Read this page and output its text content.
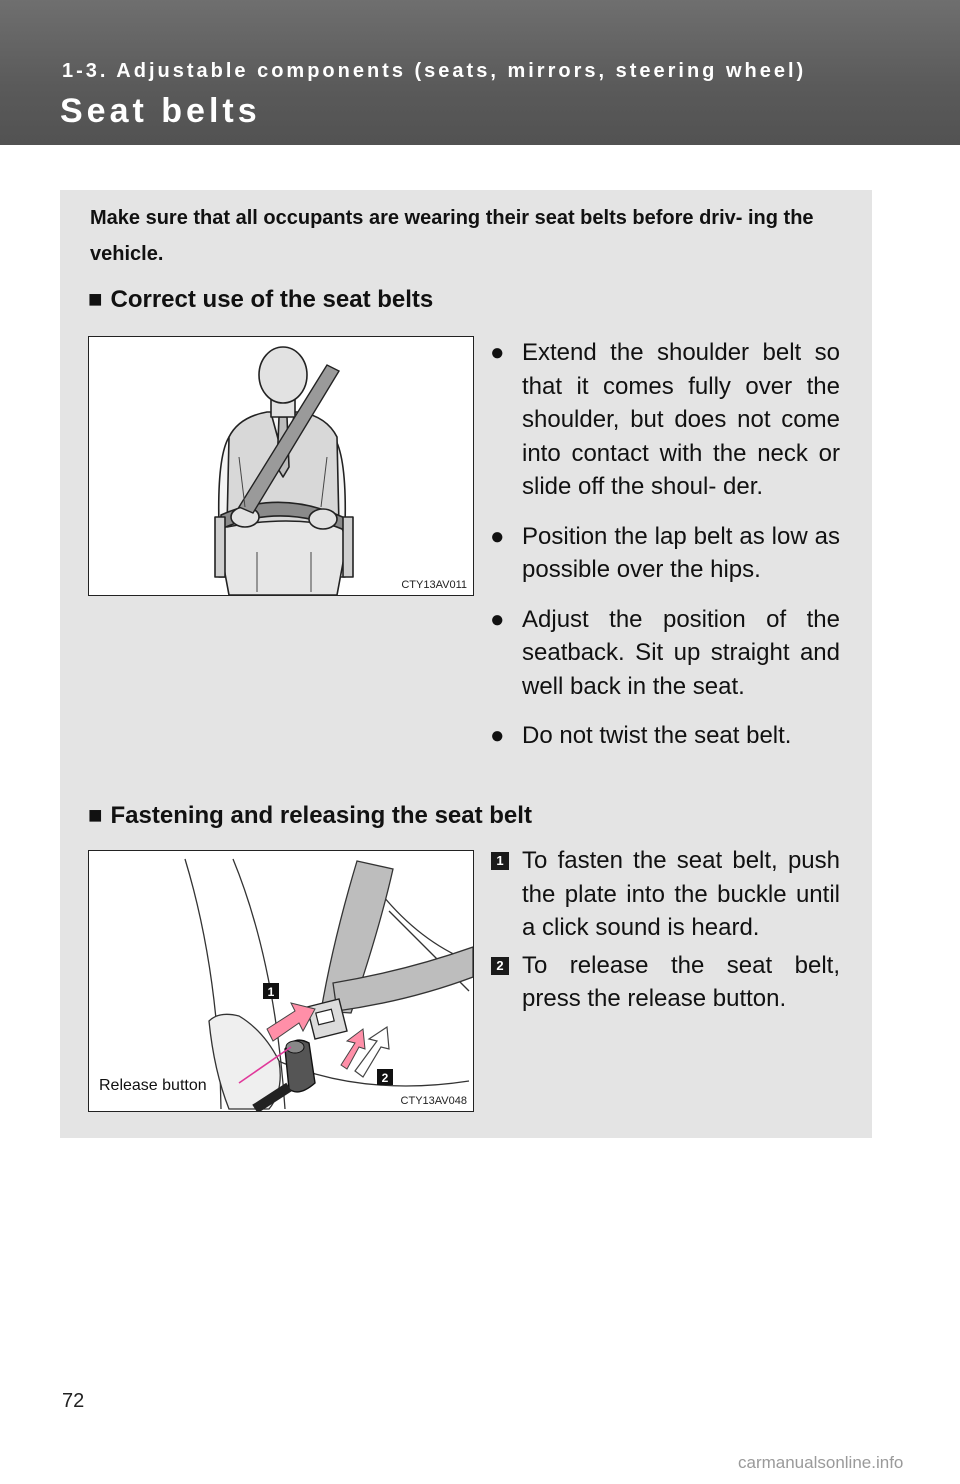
1-3. Adjustable components (seats, mirrors, steering wheel)
Seat belts
Make sure that all occupants are wearing their seat belts before driv- ing the vehicle.
■ Correct use of the seat belts
CTY13AV011
● Extend the shoulder belt so that it comes fully over the shoulder, but does not come into contact with the neck or slide off the shoul- der.
● Position the lap belt as low as possible over the hips.
● Adjust the position of the seatback. Sit up straight and well back in the seat.
● Do not twist the seat belt.
■ Fastening and releasing the seat belt
1
2
Release button
CTY13AV048
1 To fasten the seat belt, push the plate into the buckle until a click sound is heard.
2 To release the seat belt, press the release button.
72
carmanualsonline.info
